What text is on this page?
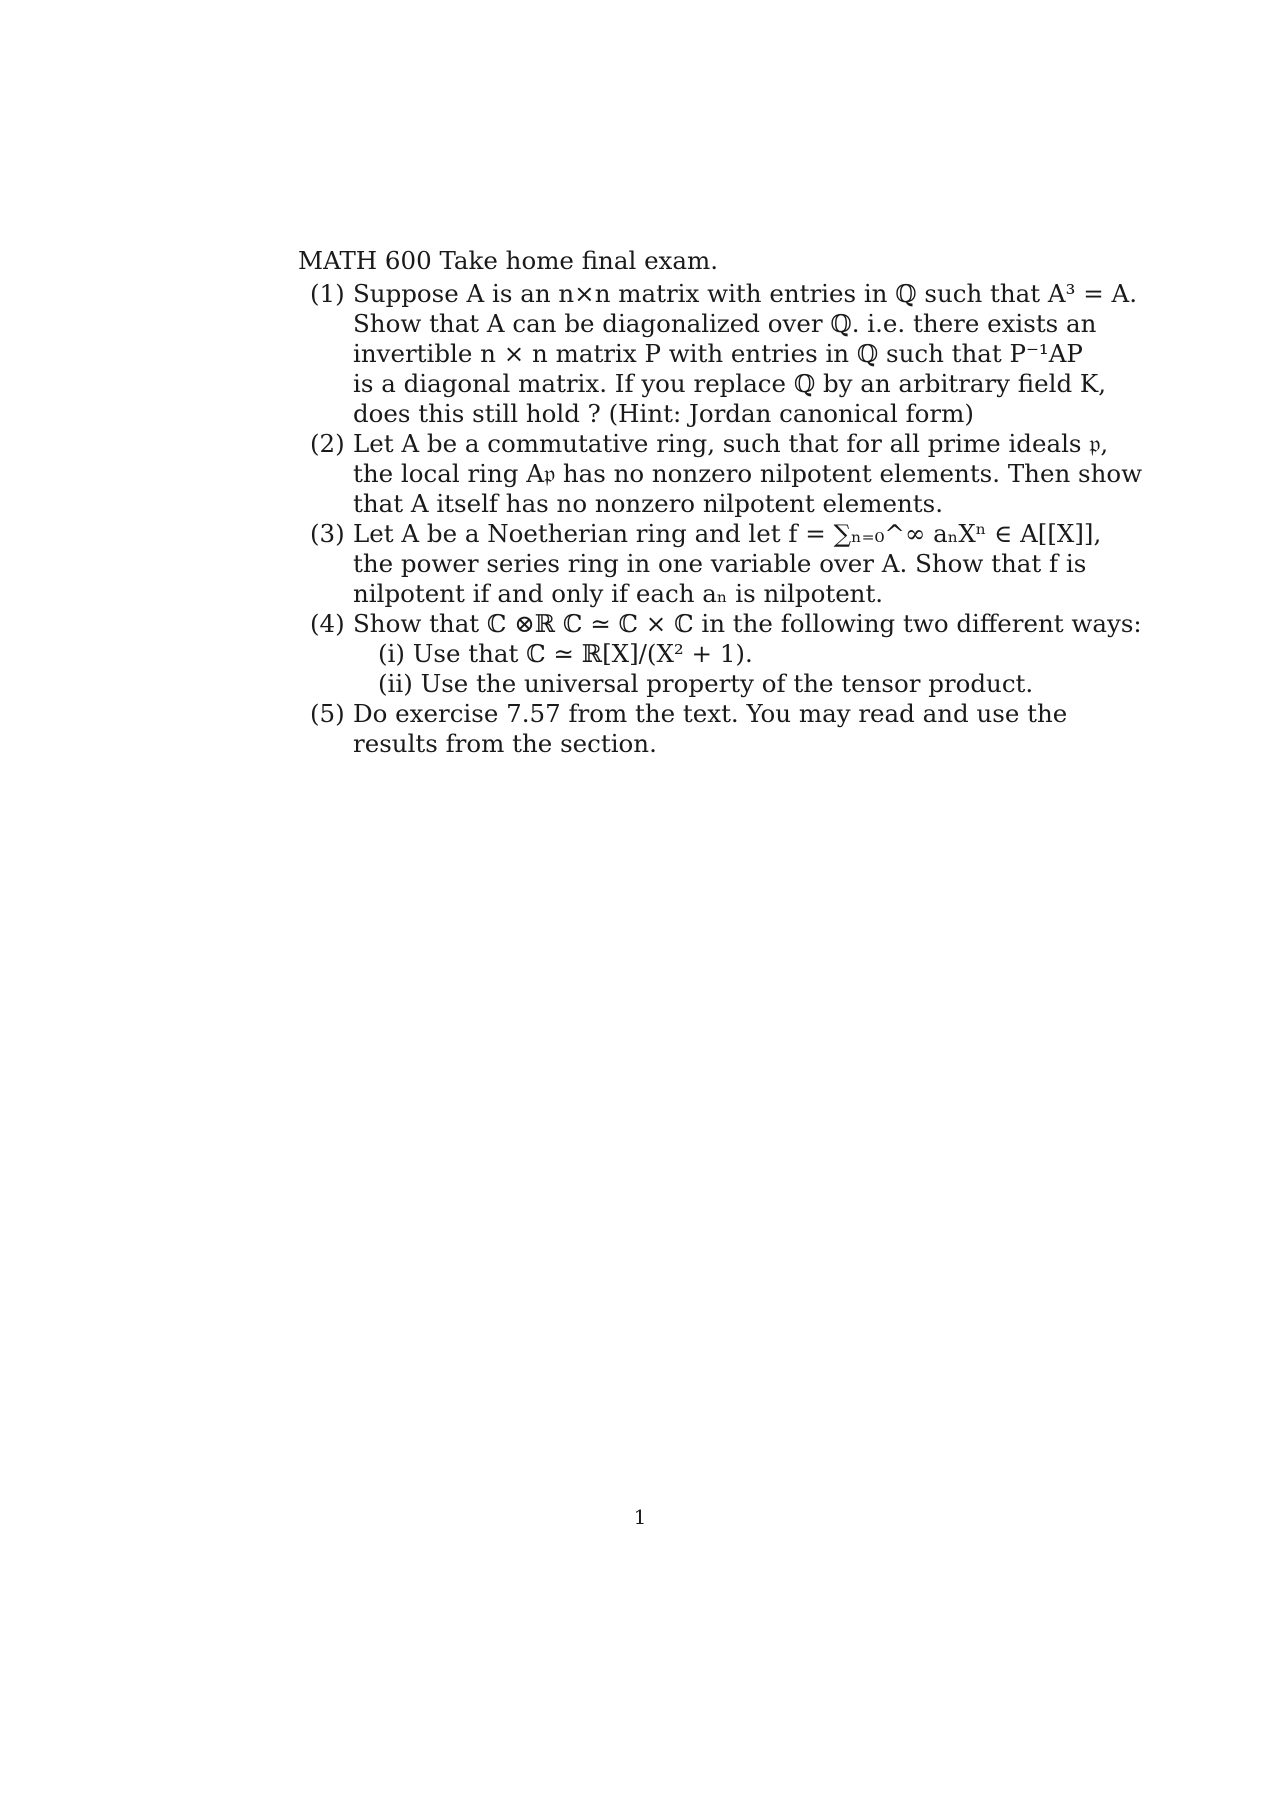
MATH 600 Take home final exam.
(1) Suppose A is an n×n matrix with entries in ℚ such that A³ = A.
Show that A can be diagonalized over ℚ. i.e. there exists an
invertible n × n matrix P with entries in ℚ such that P⁻¹AP
is a diagonal matrix. If you replace ℚ by an arbitrary field K,
does this still hold ? (Hint: Jordan canonical form)
(2) Let A be a commutative ring, such that for all prime ideals 𝔭,
the local ring A𝔭 has no nonzero nilpotent elements. Then show
that A itself has no nonzero nilpotent elements.
(3) Let A be a Noetherian ring and let f = ∑ₙ₌₀^∞ aₙXⁿ ∈ A[[X]],
the power series ring in one variable over A. Show that f is
nilpotent if and only if each aₙ is nilpotent.
(4) Show that ℂ ⊗ℝ ℂ ≃ ℂ × ℂ in the following two different ways:
(i) Use that ℂ ≃ ℝ[X]/(X² + 1).
(ii) Use the universal property of the tensor product.
(5) Do exercise 7.57 from the text. You may read and use the
results from the section.
1
